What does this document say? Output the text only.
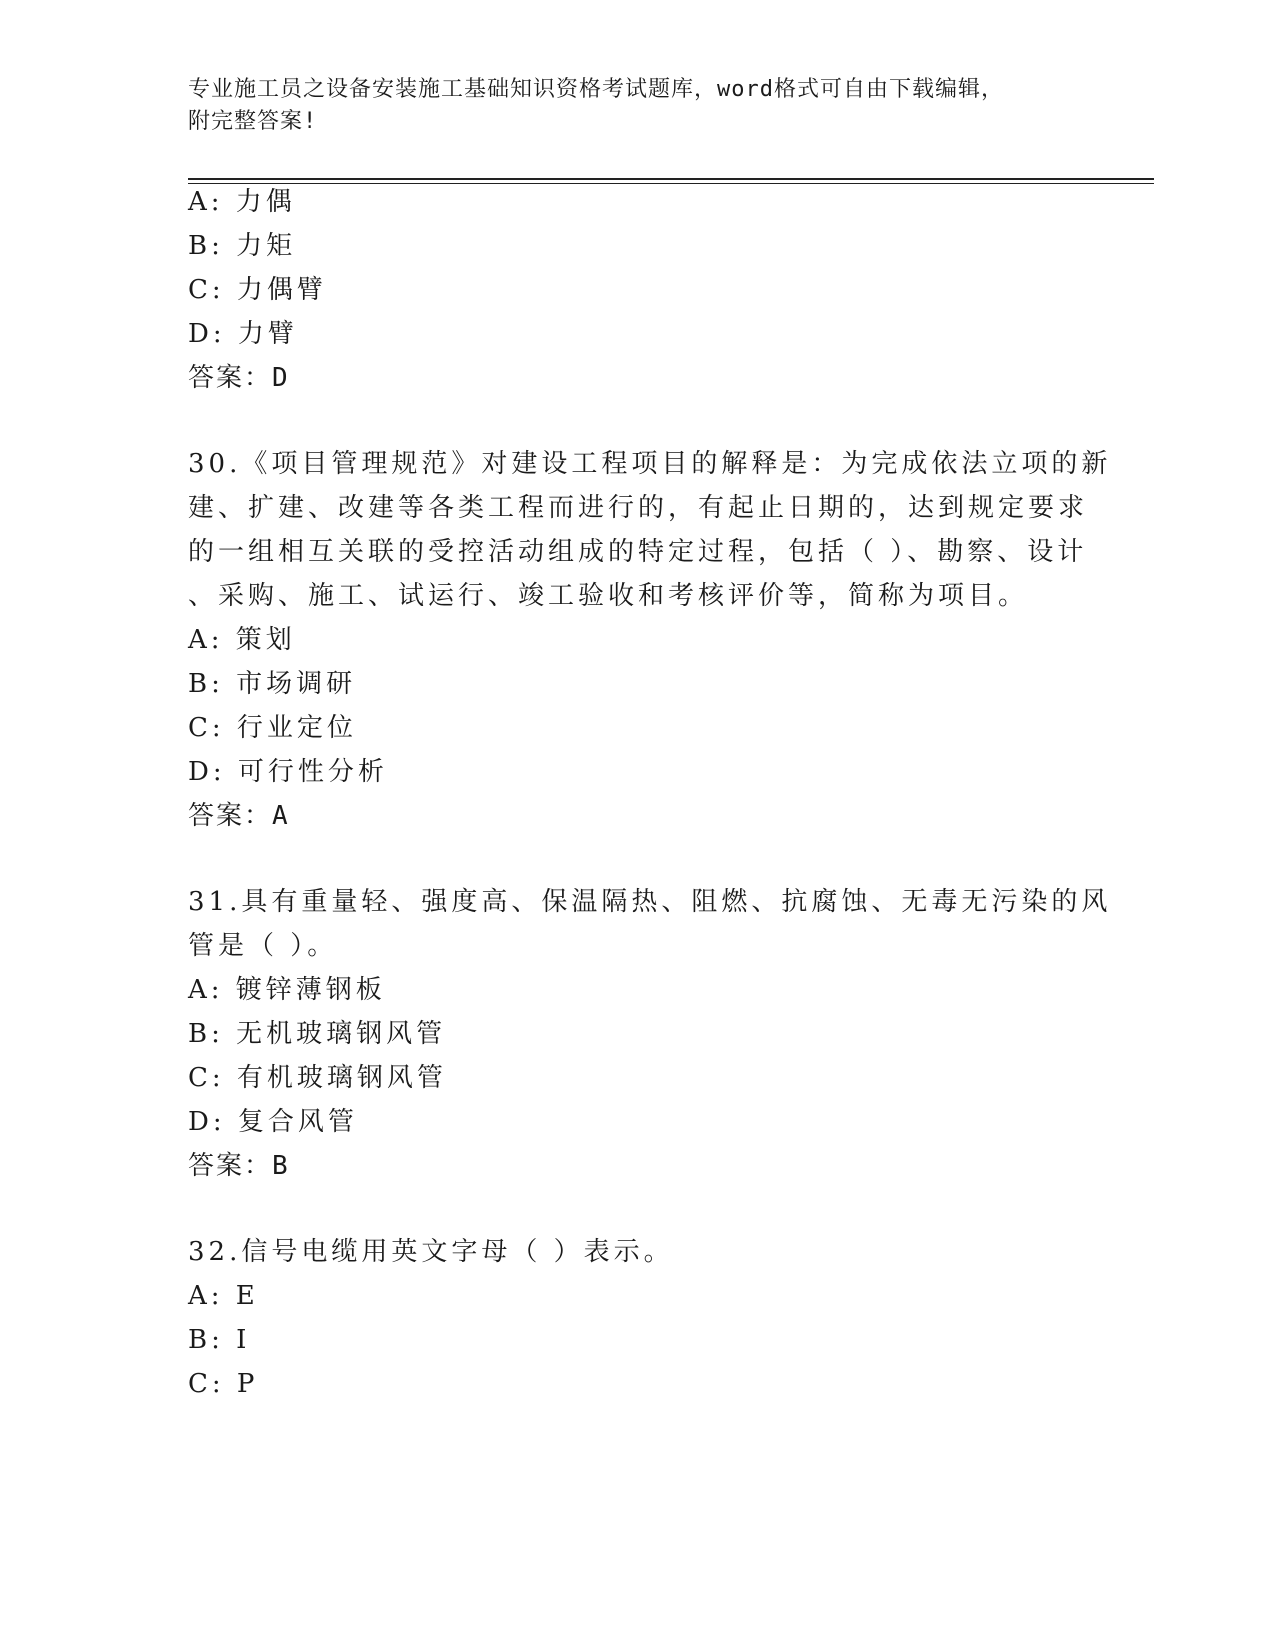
专业施工员之设备安装施工基础知识资格考试题库，word格式可自由下载编辑，
附完整答案!
A: 力偶
B: 力矩
C: 力偶臂
D: 力臂
答案：D
30.《项目管理规范》对建设工程项目的解释是：为完成依法立项的新
建、扩建、改建等各类工程而进行的，有起止日期的，达到规定要求
的一组相互关联的受控活动组成的特定过程，包括（ ）、勘察、设计
、采购、施工、试运行、竣工验收和考核评价等，简称为项目。
A: 策划
B: 市场调研
C: 行业定位
D: 可行性分析
答案：A
31.具有重量轻、强度高、保温隔热、阻燃、抗腐蚀、无毒无污染的风
管是（ ）。
A: 镀锌薄钢板
B: 无机玻璃钢风管
C: 有机玻璃钢风管
D: 复合风管
答案：B
32.信号电缆用英文字母（ ）表示。
A: E
B: I
C: P
